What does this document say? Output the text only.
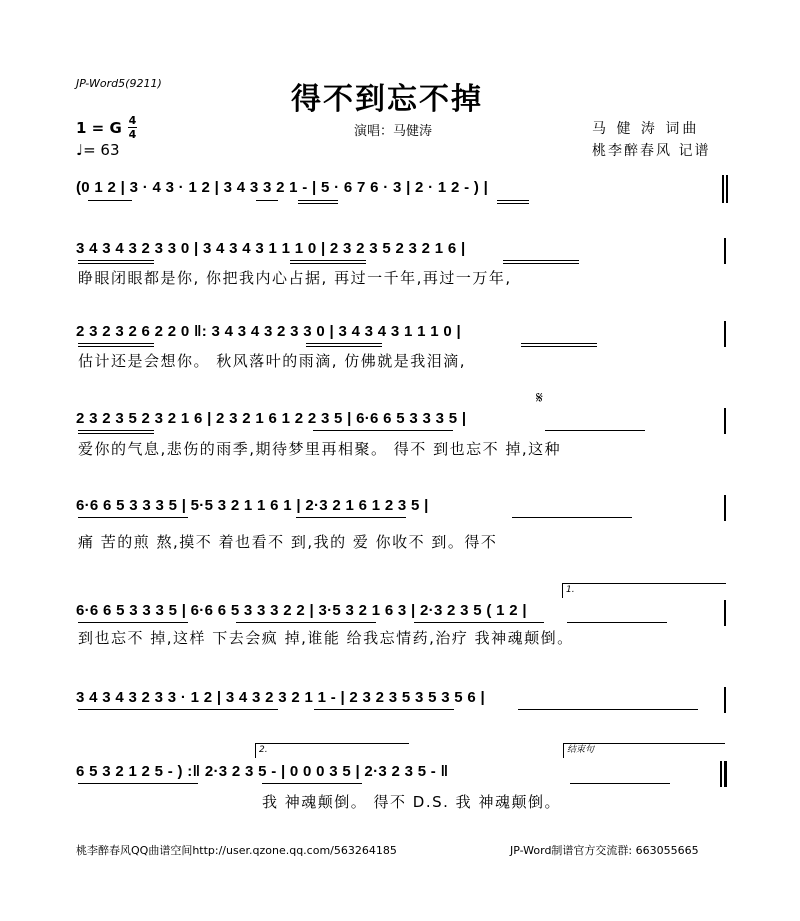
JP-Word5(9211)	得不到忘不掉
1 = G 4
4
♩= 63
演唱：马健涛	马 健 涛 词曲
桃李醉春风 记谱
(0 1 2 | 3 · 4 3 · 1 2 | 3 4 3 3 2 1 - | 5 · 6 7 6 · 3 | 2 · 1 2 - ) |
3 4 3 4 3 2 3 3 0 | 3 4 3 4 3 1 1 1 0 | 2 3 2 3 5 2 3 2 1 6 |
睁眼闭眼都是你, 你把我内心占据, 再过一千年,再过一万年,
2 3 2 3 2 6 2 2 0 ‖: 3 4 3 4 3 2 3 3 0 | 3 4 3 4 3 1 1 1 0 |
估计还是会想你。 秋风落叶的雨滴, 仿佛就是我泪滴,
𝄋
2 3 2 3 5 2 3 2 1 6 | 2 3 2 1 6 1 2 2 3 5 | 6·6 6 5 3 3 3 5 |
爱你的气息,悲伤的雨季,期待梦里再相聚。 得不 到也忘不 掉,这种
6·6 6 5 3 3 3 5 | 5·5 3 2 1 1 6 1 | 2·3 2 1 6 1 2 3 5 |
痛 苦的煎 熬,摸不 着也看不 到,我的 爱 你收不 到。得不
1.
6·6 6 5 3 3 3 5 | 6·6 6 5 3 3 3 2 2 | 3·5 3 2 1 6 3 | 2·3 2 3 5 ( 1 2 |
到也忘不 掉,这样 下去会疯 掉,谁能 给我忘情药,治疗 我神魂颠倒。
3 4 3 4 3 2 3 3 · 1 2 | 3 4 3 2 3 2 1 1 - | 2 3 2 3 5 3 5 3 5 6 |
2.	结束句
6 5 3 2 1 2 5 - ) :‖ 2·3 2 3 5 - | 0 0 0 3 5 | 2·3 2 3 5 - ‖
我 神魂颠倒。 得不 D.S. 我 神魂颠倒。
桃李醉春风QQ曲谱空间http://user.qzone.qq.com/563264185	JP-Word制谱官方交流群: 663055665
